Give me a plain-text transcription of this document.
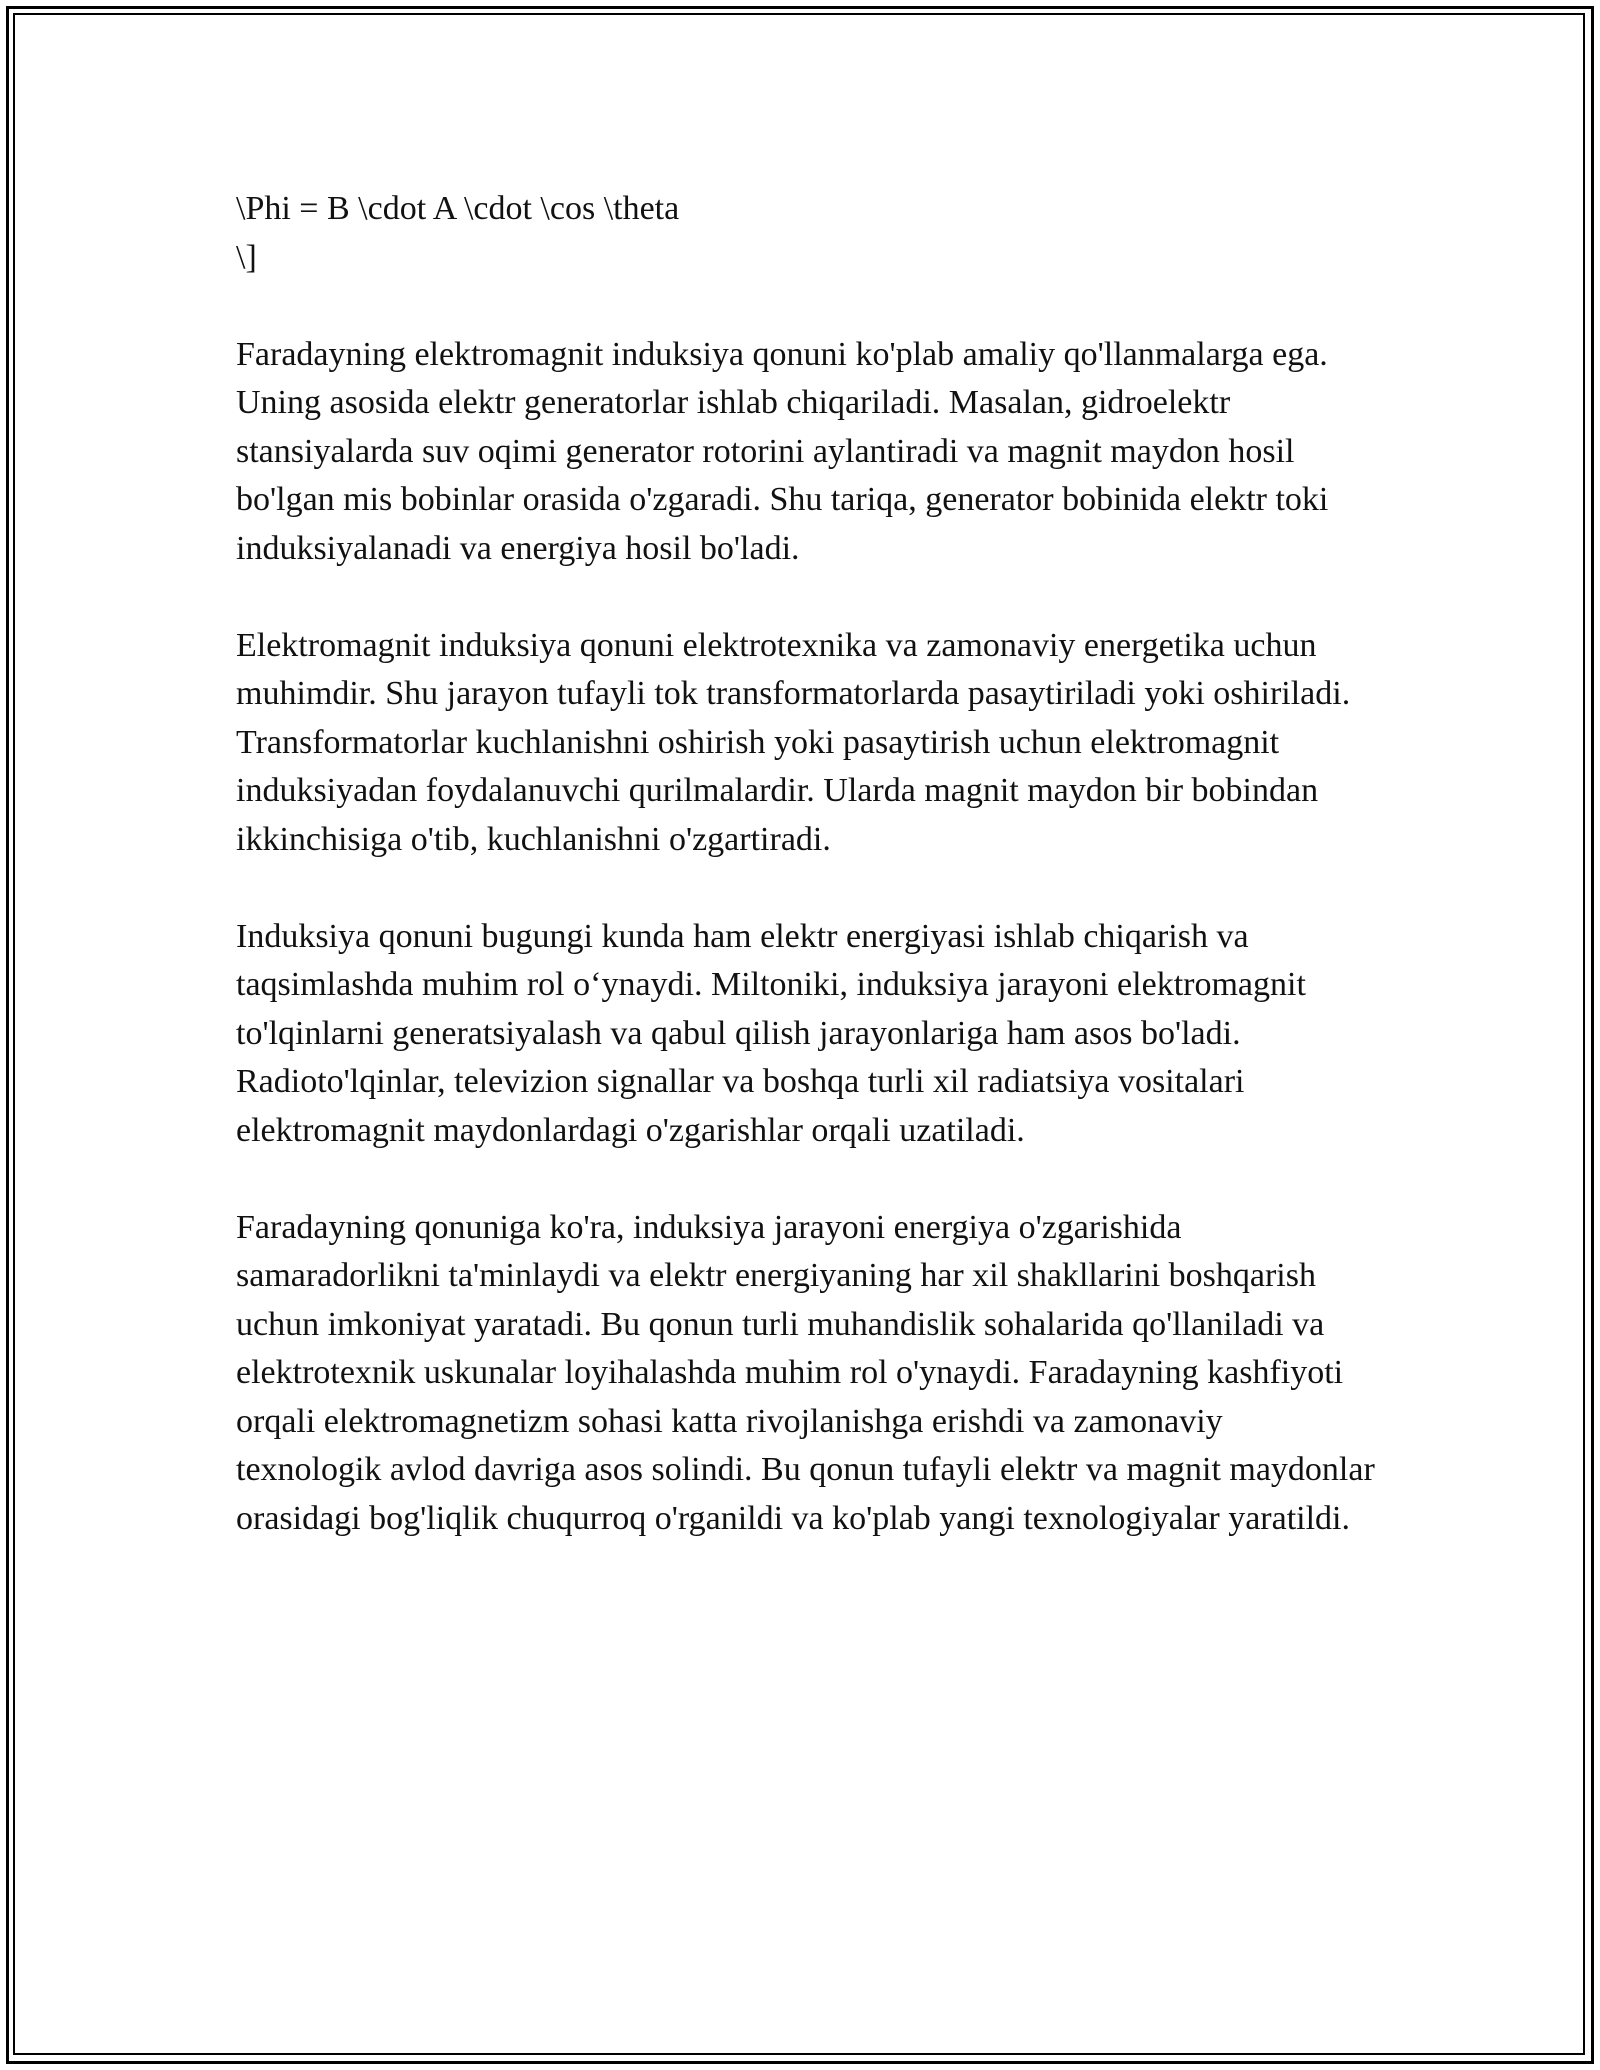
\Phi = B \cdot A \cdot \cos \theta

\]

Faradayning elektromagnit induksiya qonuni ko'plab amaliy qo'llanmalarga ega. Uning asosida elektr generatorlar ishlab chiqariladi. Masalan, gidroelektr stansiyalarda suv oqimi generator rotorini aylantiradi va magnit maydon hosil bo'lgan mis bobinlar orasida o'zgaradi. Shu tariqa, generator bobinida elektr toki induksiyalanadi va energiya hosil bo'ladi.

Elektromagnit induksiya qonuni elektrotexnika va zamonaviy energetika uchun muhimdir. Shu jarayon tufayli tok transformatorlarda pasaytiriladi yoki oshiriladi. Transformatorlar kuchlanishni oshirish yoki pasaytirish uchun elektromagnit induksiyadan foydalanuvchi qurilmalardir. Ularda magnit maydon bir bobindan ikkinchisiga o'tib, kuchlanishni o'zgartiradi.

Induksiya qonuni bugungi kunda ham elektr energiyasi ishlab chiqarish va taqsimlashda muhim rol o‘ynaydi. Miltoniki, induksiya jarayoni elektromagnit to'lqinlarni generatsiyalash va qabul qilish jarayonlariga ham asos bo'ladi. Radioto'lqinlar, televizion signallar va boshqa turli xil radiatsiya vositalari elektromagnit maydonlardagi o'zgarishlar orqali uzatiladi.

Faradayning qonuniga ko'ra, induksiya jarayoni energiya o'zgarishida samaradorlikni ta'minlaydi va elektr energiyaning har xil shakllarini boshqarish uchun imkoniyat yaratadi. Bu qonun turli muhandislik sohalarida qo'llaniladi va elektrotexnik uskunalar loyihalashda muhim rol o'ynaydi. Faradayning kashfiyoti orqali elektromagnetizm sohasi katta rivojlanishga erishdi va zamonaviy texnologik avlod davriga asos solindi. Bu qonun tufayli elektr va magnit maydonlar orasidagi bog'liqlik chuqurroq o'rganildi va ko'plab yangi texnologiyalar yaratildi.
